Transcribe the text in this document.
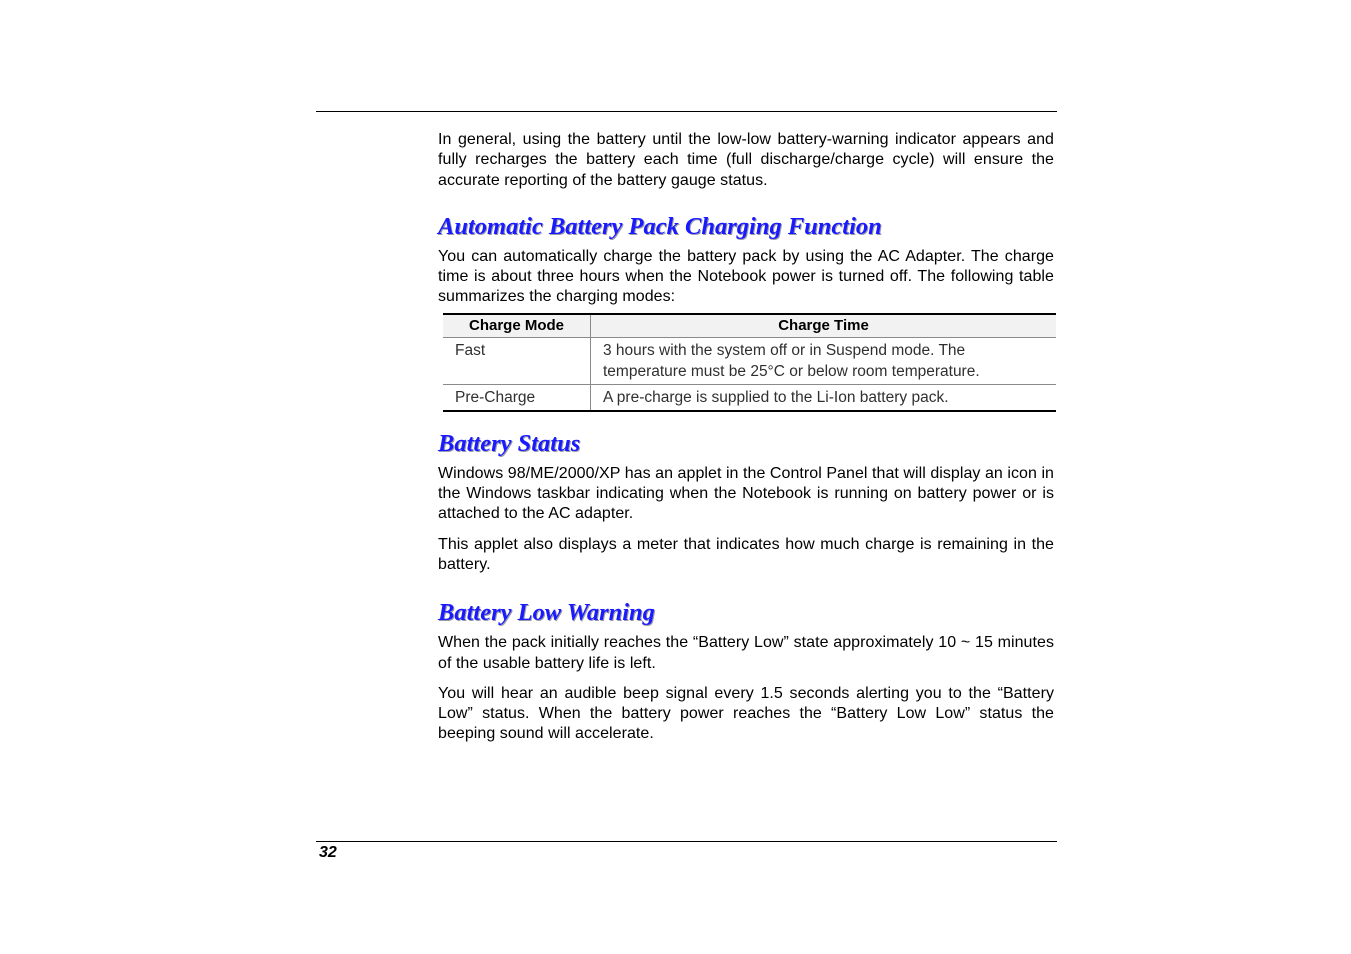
In general, using the battery until the low-low battery-warning indicator appears and fully recharges the battery each time (full discharge/charge cycle) will ensure the accurate reporting of the battery gauge status.

Automatic Battery Pack Charging Function

You can automatically charge the battery pack by using the AC Adapter. The charge time is about three hours when the Notebook power is turned off. The following table summarizes the charging modes:

Charge Mode	Charge Time
Fast	3 hours with the system off or in Suspend mode. The
temperature must be 25°C or below room temperature.
Pre-Charge	A pre-charge is supplied to the Li-Ion battery pack.
Battery Status

Windows 98/ME/2000/XP has an applet in the Control Panel that will display an icon in the Windows taskbar indicating when the Notebook is running on battery power or is attached to the AC adapter.

This applet also displays a meter that indicates how much charge is remaining in the battery.

Battery Low Warning

When the pack initially reaches the “Battery Low” state approximately 10 ~ 15 minutes of the usable battery life is left.

You will hear an audible beep signal every 1.5 seconds alerting you to the “Battery Low” status. When the battery power reaches the “Battery Low Low” status the beeping sound will accelerate.

32
